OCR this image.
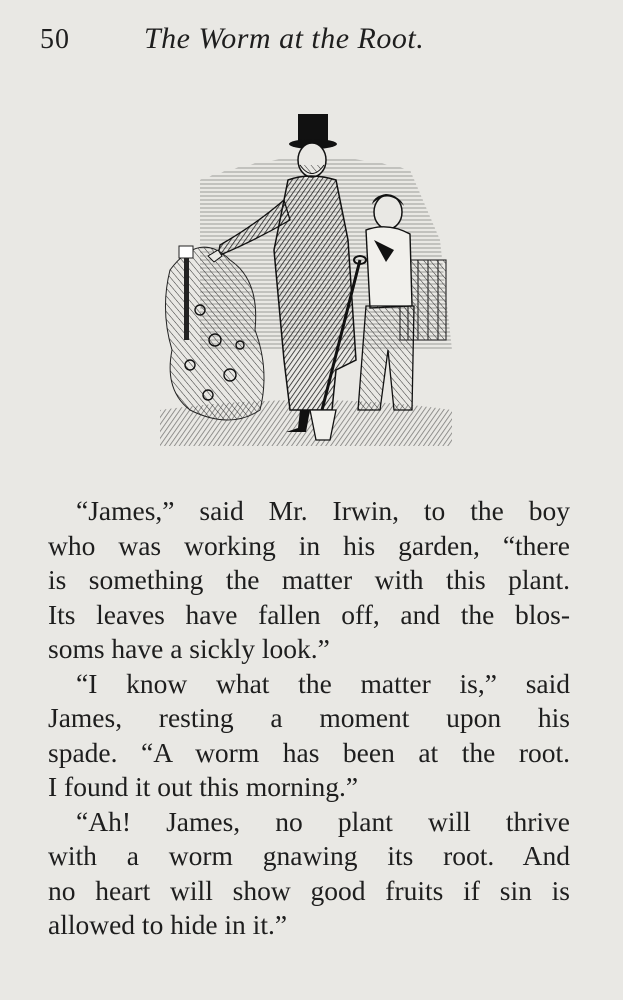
50 The Worm at the Root.
“James,” said Mr. Irwin, to the boy
who was working in his garden, “there
is something the matter with this plant.
Its leaves have fallen off, and the blos-
soms have a sickly look.”
“I know what the matter is,” said
James, resting a moment upon his
spade. “A worm has been at the root.
I found it out this morning.”
“Ah! James, no plant will thrive
with a worm gnawing its root. And
no heart will show good fruits if sin is
allowed to hide in it.”
